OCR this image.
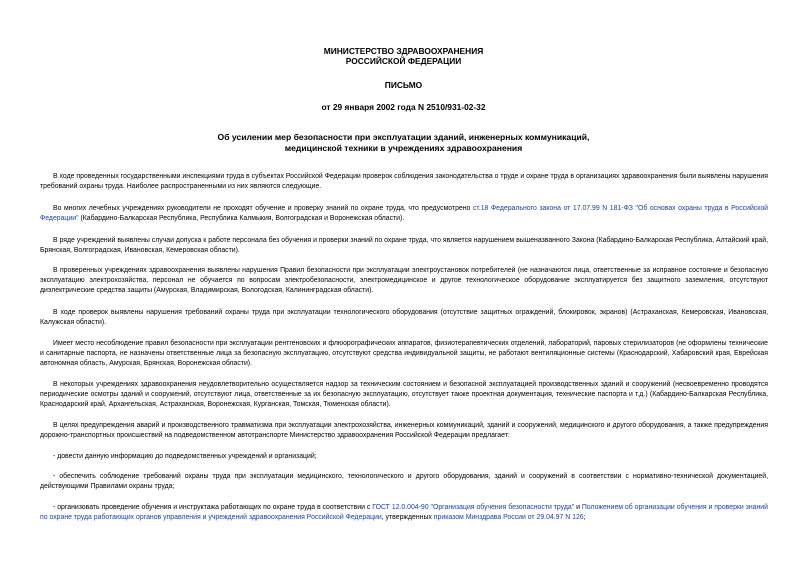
МИНИСТЕРСТВО ЗДРАВООХРАНЕНИЯ
РОССИЙСКОЙ ФЕДЕРАЦИИ
ПИСЬМО
от 29 января 2002 года N 2510/931-02-32
Об усилении мер безопасности при эксплуатации зданий, инженерных коммуникаций,
медицинской техники в учреждениях здравоохранения
В ходе проведенных государственными инспекциями труда в субъектах Российской Федерации проверок соблюдения законодательства о труде и охране труда в организациях здравоохранения были выявлены нарушения требований охраны труда. Наиболее распространенными из них являются следующие.
Во многих лечебных учреждениях руководители не проходят обучение и проверку знаний по охране труда, что предусмотрено ст.18 Федерального закона от 17.07.99 N 181-ФЗ "Об основах охраны труда в Российской Федерации" (Кабардино-Балкарская Республика, Республика Калмыкия, Волгоградская и Воронежская области).
В ряде учреждений выявлены случаи допуска к работе персонала без обучения и проверки знаний по охране труда, что является нарушением вышеназванного Закона (Кабардино-Балкарская Республика, Алтайский край, Брянская, Волгоградская, Ивановская, Кемеровская области).
В проверенных учреждениях здравоохранения выявлены нарушения Правил безопасности при эксплуатации электроустановок потребителей (не назначаются лица, ответственные за исправное состояние и безопасную эксплуатацию электрохозяйства, персонал не обучается по вопросам электробезопасности, электромедицинское и другое технологическое оборудование эксплуатируется без защитного заземления, отсутствуют диэлектрические средства защиты (Амурская, Владимирская, Вологодская, Калининградская области).
В ходе проверок выявлены нарушения требований охраны труда при эксплуатации технологического оборудования (отсутствие защитных ограждений, блокировок, экранов) (Астраханская, Кемеровская, Ивановская, Калужская области).
Имеет место несоблюдение правил безопасности при эксплуатации рентгеновских и флюорографических аппаратов, физиотерапевтических отделений, лабораторий, паровых стерилизаторов (не оформлены технические и санитарные паспорта, не назначены ответственные лица за безопасную эксплуатацию, отсутствуют средства индивидуальной защиты, не работают вентиляционные системы (Краснодарский, Хабаровский края, Еврейская автономная область, Амурская, Брянская, Воронежская области).
В некоторых учреждениях здравоохранения неудовлетворительно осуществляется надзор за техническим состоянием и безопасной эксплуатацией производственных зданий и сооружений (несвоевременно проводятся периодические осмотры зданий и сооружений, отсутствуют лица, ответственные за их безопасную эксплуатацию, отсутствует также проектная документация, технические паспорта и т.д.) (Кабардино-Балкарская Республика, Краснодарский край, Архангельская, Астраханская, Воронежская, Курганская, Томская, Тюменская области).
В целях предупреждения аварий и производственного травматизма при эксплуатации электрохозяйства, инженерных коммуникаций, зданий и сооружений, медицинского и другого оборудования, а также предупреждения дорожно-транспортных происшествий на подведомственном автотранспорте Министерство здравоохранения Российской Федерации предлагает:
- довести данную информацию до подведомственных учреждений и организаций;
- обеспечить соблюдение требований охраны труда при эксплуатации медицинского, технологического и другого оборудования, зданий и сооружений в соответствии с нормативно-технической документацией, действующими Правилами охраны труда;
- организовать проведение обучения и инструктажа работающих по охране труда в соответствии с ГОСТ 12.0.004-90 "Организация обучения безопасности труда" и Положением об организации обучения и проверки знаний по охране труда работающих органов управления и учреждений здравоохранения Российской Федерации, утвержденных приказом Минздрава России от 29.04.97 N 126;
